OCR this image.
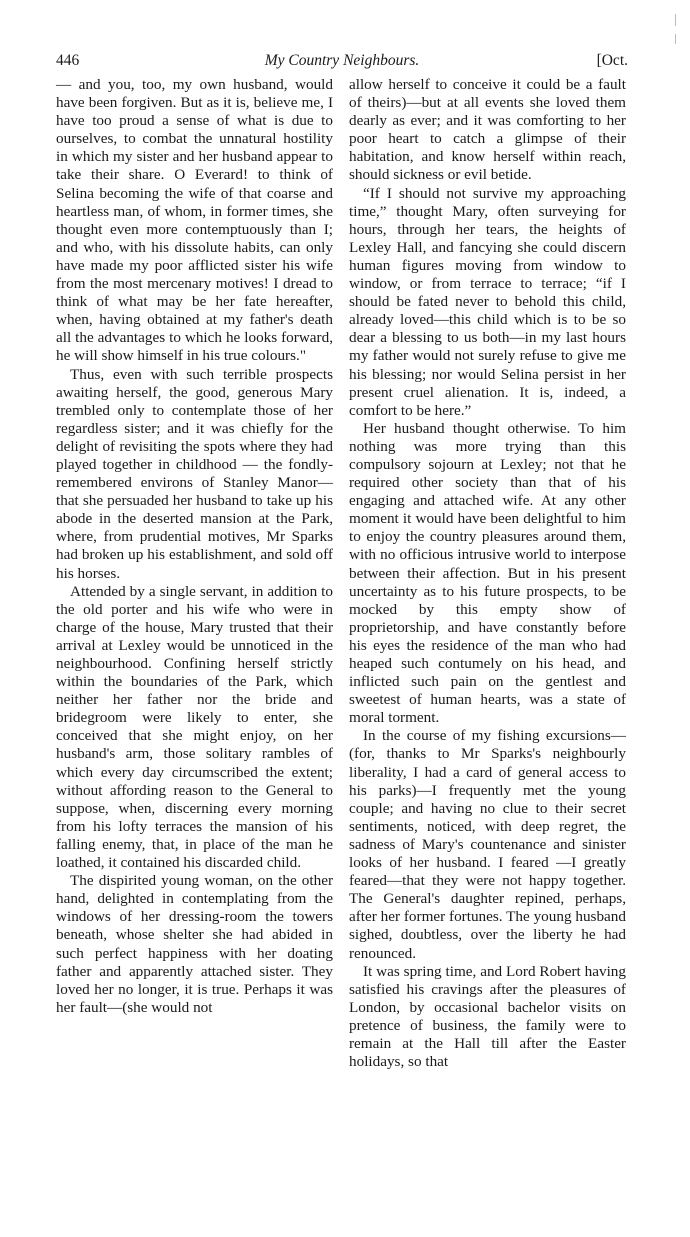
446	My Country Neighbours.	[Oct.

— and you, too, my own husband, would have been forgiven. But as it is, believe me, I have too proud a sense of what is due to ourselves, to combat the unnatural hostility in which my sister and her husband appear to take their share. O Everard! to think of Selina becoming the wife of that coarse and heartless man, of whom, in former times, she thought even more contemptuously than I; and who, with his dissolute habits, can only have made my poor afflicted sister his wife from the most mercenary motives! I dread to think of what may be her fate hereafter, when, having obtained at my father's death all the advantages to which he looks forward, he will show himself in his true colours."

Thus, even with such terrible prospects awaiting herself, the good, generous Mary trembled only to contemplate those of her regardless sister; and it was chiefly for the delight of revisiting the spots where they had played together in childhood — the fondly-remembered environs of Stanley Manor—that she persuaded her husband to take up his abode in the deserted mansion at the Park, where, from prudential motives, Mr Sparks had broken up his establishment, and sold off his horses.

Attended by a single servant, in addition to the old porter and his wife who were in charge of the house, Mary trusted that their arrival at Lexley would be unnoticed in the neighbourhood. Confining herself strictly within the boundaries of the Park, which neither her father nor the bride and bridegroom were likely to enter, she conceived that she might enjoy, on her husband's arm, those solitary rambles of which every day circumscribed the extent; without affording reason to the General to suppose, when, discerning every morning from his lofty terraces the mansion of his falling enemy, that, in place of the man he loathed, it contained his discarded child.

The dispirited young woman, on the other hand, delighted in contemplating from the windows of her dressing-room the towers beneath, whose shelter she had abided in such perfect happiness with her doating father and apparently attached sister. They loved her no longer, it is true. Perhaps it was her fault—(she would not

allow herself to conceive it could be a fault of theirs)—but at all events she loved them dearly as ever; and it was comforting to her poor heart to catch a glimpse of their habitation, and know herself within reach, should sickness or evil betide.

“If I should not survive my approaching time,” thought Mary, often surveying for hours, through her tears, the heights of Lexley Hall, and fancying she could discern human figures moving from window to window, or from terrace to terrace; “if I should be fated never to behold this child, already loved—this child which is to be so dear a blessing to us both—in my last hours my father would not surely refuse to give me his blessing; nor would Selina persist in her present cruel alienation. It is, indeed, a comfort to be here.”

Her husband thought otherwise. To him nothing was more trying than this compulsory sojourn at Lexley; not that he required other society than that of his engaging and attached wife. At any other moment it would have been delightful to him to enjoy the country pleasures around them, with no officious intrusive world to interpose between their affection. But in his present uncertainty as to his future prospects, to be mocked by this empty show of proprietorship, and have constantly before his eyes the residence of the man who had heaped such contumely on his head, and inflicted such pain on the gentlest and sweetest of human hearts, was a state of moral torment.

In the course of my fishing excursions—(for, thanks to Mr Sparks's neighbourly liberality, I had a card of general access to his parks)—I frequently met the young couple; and having no clue to their secret sentiments, noticed, with deep regret, the sadness of Mary's countenance and sinister looks of her husband. I feared —I greatly feared—that they were not happy together. The General's daughter repined, perhaps, after her former fortunes. The young husband sighed, doubtless, over the liberty he had renounced.

It was spring time, and Lord Robert having satisfied his cravings after the pleasures of London, by occasional bachelor visits on pretence of business, the family were to remain at the Hall till after the Easter holidays, so that
